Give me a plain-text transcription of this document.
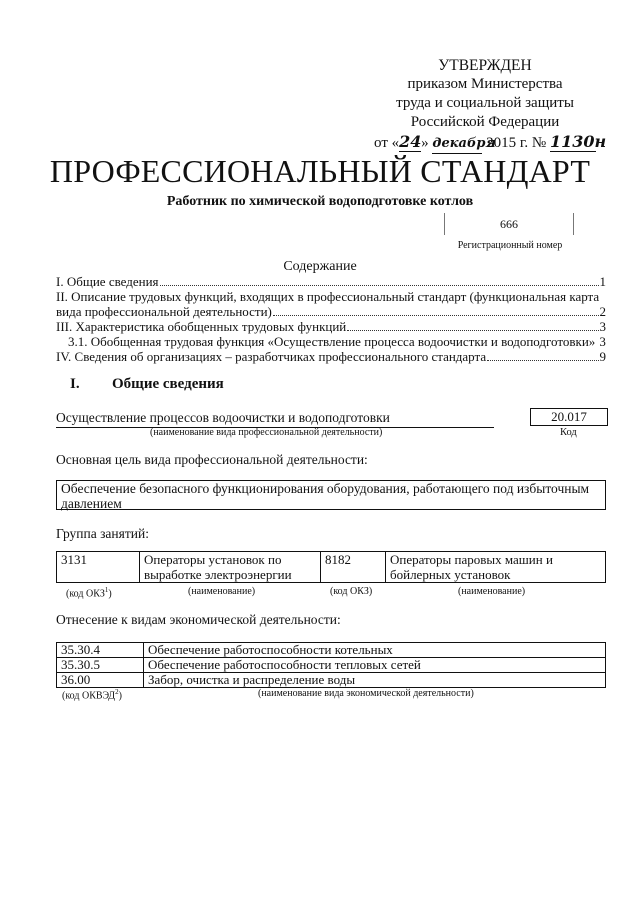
УТВЕРЖДЕН
приказом Министерства
труда и социальной защиты
Российской Федерации
от «24» декабря 2015 г. № 1130н
ПРОФЕССИОНАЛЬНЫЙ СТАНДАРТ
Работник по химической водоподготовке котлов
666
Регистрационный номер
Содержание
I. Общие сведения	1
II. Описание трудовых функций, входящих в профессиональный стандарт (функциональная карта
вида профессиональной деятельности)	2
III. Характеристика обобщенных трудовых функций	3
3.1. Обобщенная трудовая функция «Осуществление процесса водоочистки и водоподготовки» 3
IV. Сведения об организациях – разработчиках профессионального стандарта	9
I. Общие сведения
Осуществление процессов водоочистки и водоподготовки
(наименование вида профессиональной деятельности)
20.017
Код
Основная цель вида профессиональной деятельности:
Обеспечение безопасного функционирования оборудования, работающего под избыточным давлением
Группа занятий:
3131	Операторы установок по выработке электроэнергии	8182	Операторы паровых машин и бойлерных установок
(код ОКЗ$^1$)	(наименование)	(код ОКЗ)	(наименование)
Отнесение к видам экономической деятельности:
35.30.4	Обеспечение работоспособности котельных
35.30.5	Обеспечение работоспособности тепловых сетей
36.00	Забор, очистка и распределение воды
(код ОКВЭД$^2$)	(наименование вида экономической деятельности)
